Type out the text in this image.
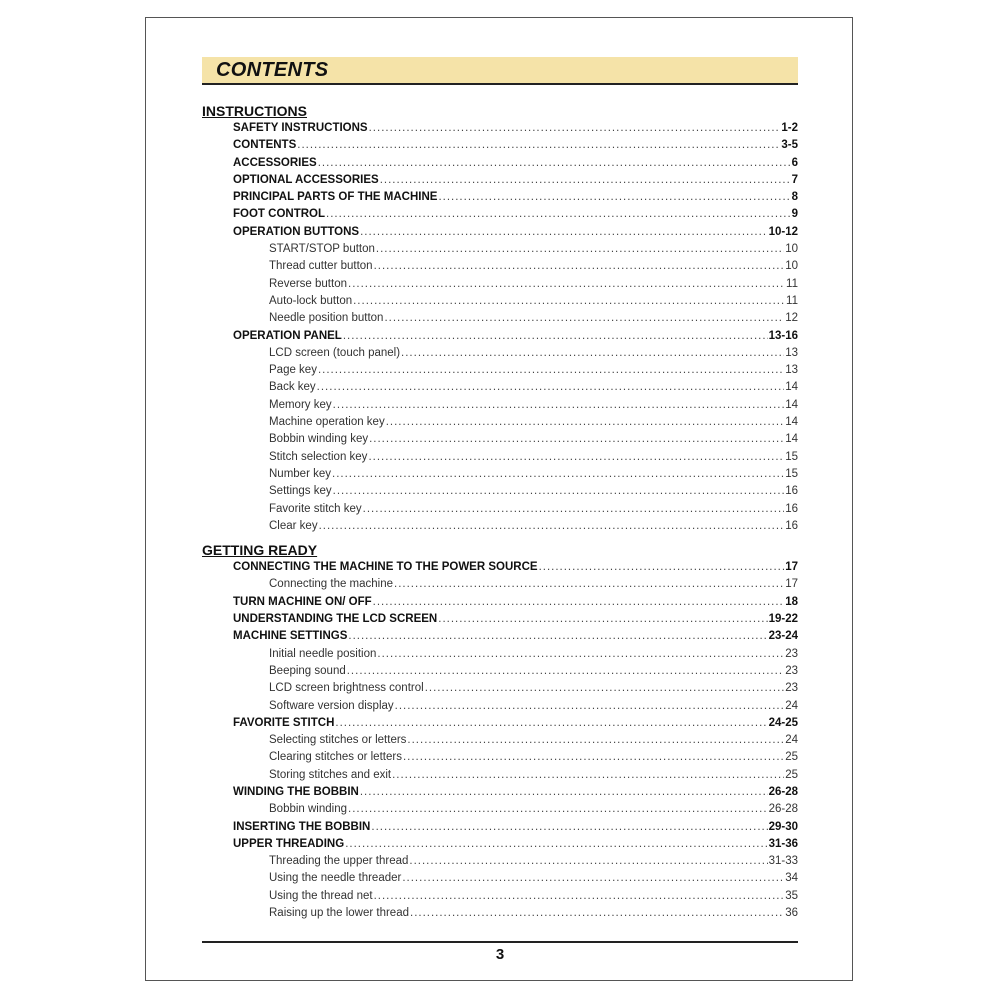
CONTENTS
INSTRUCTIONS
SAFETY INSTRUCTIONS .....	1-2
CONTENTS .....	3-5
ACCESSORIES .....	6
OPTIONAL ACCESSORIES .....	7
PRINCIPAL PARTS OF THE MACHINE .....	8
FOOT CONTROL .....	9
OPERATION BUTTONS .....	10-12
START/STOP button .....	10
Thread cutter button .....	10
Reverse button .....	11
Auto-lock button .....	11
Needle position button .....	12
OPERATION PANEL .....	13-16
LCD screen (touch panel) .....	13
Page key .....	13
Back key .....	14
Memory key .....	14
Machine operation key .....	14
Bobbin winding key .....	14
Stitch selection key .....	15
Number key .....	15
Settings key .....	16
Favorite stitch key .....	16
Clear key .....	16
GETTING READY
CONNECTING THE MACHINE TO THE POWER SOURCE .....	17
Connecting the machine .....	17
TURN MACHINE ON/ OFF .....	18
UNDERSTANDING THE LCD SCREEN .....	19-22
MACHINE SETTINGS .....	23-24
Initial needle position .....	23
Beeping sound .....	23
LCD screen brightness control .....	23
Software version display .....	24
FAVORITE STITCH .....	24-25
Selecting stitches or letters .....	24
Clearing stitches or letters .....	25
Storing stitches and exit .....	25
WINDING THE BOBBIN .....	26-28
Bobbin winding .....	26-28
INSERTING THE BOBBIN .....	29-30
UPPER THREADING .....	31-36
Threading the upper thread .....	31-33
Using the needle threader .....	34
Using the thread net .....	35
Raising up the lower thread .....	36
3
